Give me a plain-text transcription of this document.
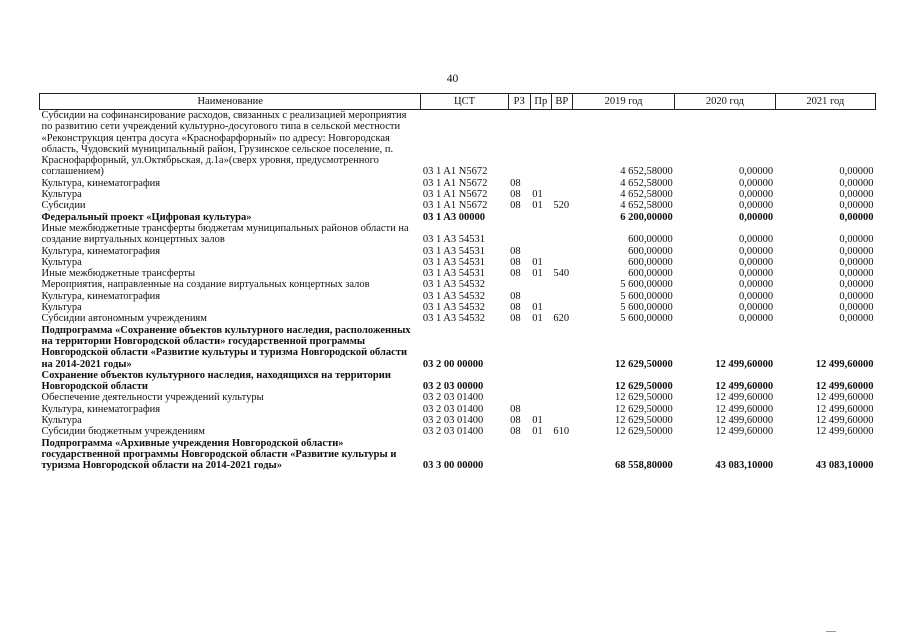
40
Наименование	ЦСТ	РЗ	Пр	ВР	2019 год	2020 год	2021 год
Субсидии на софинансирование расходов, связанных с реализацией мероприятия по развитию сети учреждений культурно-досугового типа в сельской местности «Реконструкция центра досуга «Краснофарфорный» по адресу: Новгородская область, Чудовский муниципальный район, Грузинское сельское поселение, п. Краснофарфорный, ул.Октябрьская, д.1а»(сверх уровня, предусмотренного соглашением)	03 1 A1 N5672				4 652,58000	0,00000	0,00000
Культура, кинематография	03 1 A1 N5672	08			4 652,58000	0,00000	0,00000
Культура	03 1 A1 N5672	08	01		4 652,58000	0,00000	0,00000
Субсидии	03 1 A1 N5672	08	01	520	4 652,58000	0,00000	0,00000
Федеральный проект «Цифровая культура»	03 1 A3 00000				6 200,00000	0,00000	0,00000
Иные межбюджетные трансферты бюджетам муниципальных районов области на создание виртуальных концертных залов	03 1 A3 54531				600,00000	0,00000	0,00000
Культура, кинематография	03 1 A3 54531	08			600,00000	0,00000	0,00000
Культура	03 1 A3 54531	08	01		600,00000	0,00000	0,00000
Иные межбюджетные трансферты	03 1 A3 54531	08	01	540	600,00000	0,00000	0,00000
Мероприятия, направленные на создание виртуальных концертных залов	03 1 A3 54532				5 600,00000	0,00000	0,00000
Культура, кинематография	03 1 A3 54532	08			5 600,00000	0,00000	0,00000
Культура	03 1 A3 54532	08	01		5 600,00000	0,00000	0,00000
Субсидии автономным учреждениям	03 1 A3 54532	08	01	620	5 600,00000	0,00000	0,00000
Подпрограмма «Сохранение объектов культурного наследия, расположенных на территории Новгородской области» государственной программы Новгородской области «Развитие культуры и туризма Новгородской области на 2014-2021 годы»	03 2 00 00000				12 629,50000	12 499,60000	12 499,60000
Сохранение объектов культурного наследия, находящихся на территории Новгородской области	03 2 03 00000				12 629,50000	12 499,60000	12 499,60000
Обеспечение деятельности учреждений культуры	03 2 03 01400				12 629,50000	12 499,60000	12 499,60000
Культура, кинематография	03 2 03 01400	08			12 629,50000	12 499,60000	12 499,60000
Культура	03 2 03 01400	08	01		12 629,50000	12 499,60000	12 499,60000
Субсидии бюджетным учреждениям	03 2 03 01400	08	01	610	12 629,50000	12 499,60000	12 499,60000
Подпрограмма «Архивные учреждения Новгородской области» государственной программы Новгородской области «Развитие культуры и туризма Новгородской области на 2014-2021 годы»	03 3 00 00000				68 558,80000	43 083,10000	43 083,10000
